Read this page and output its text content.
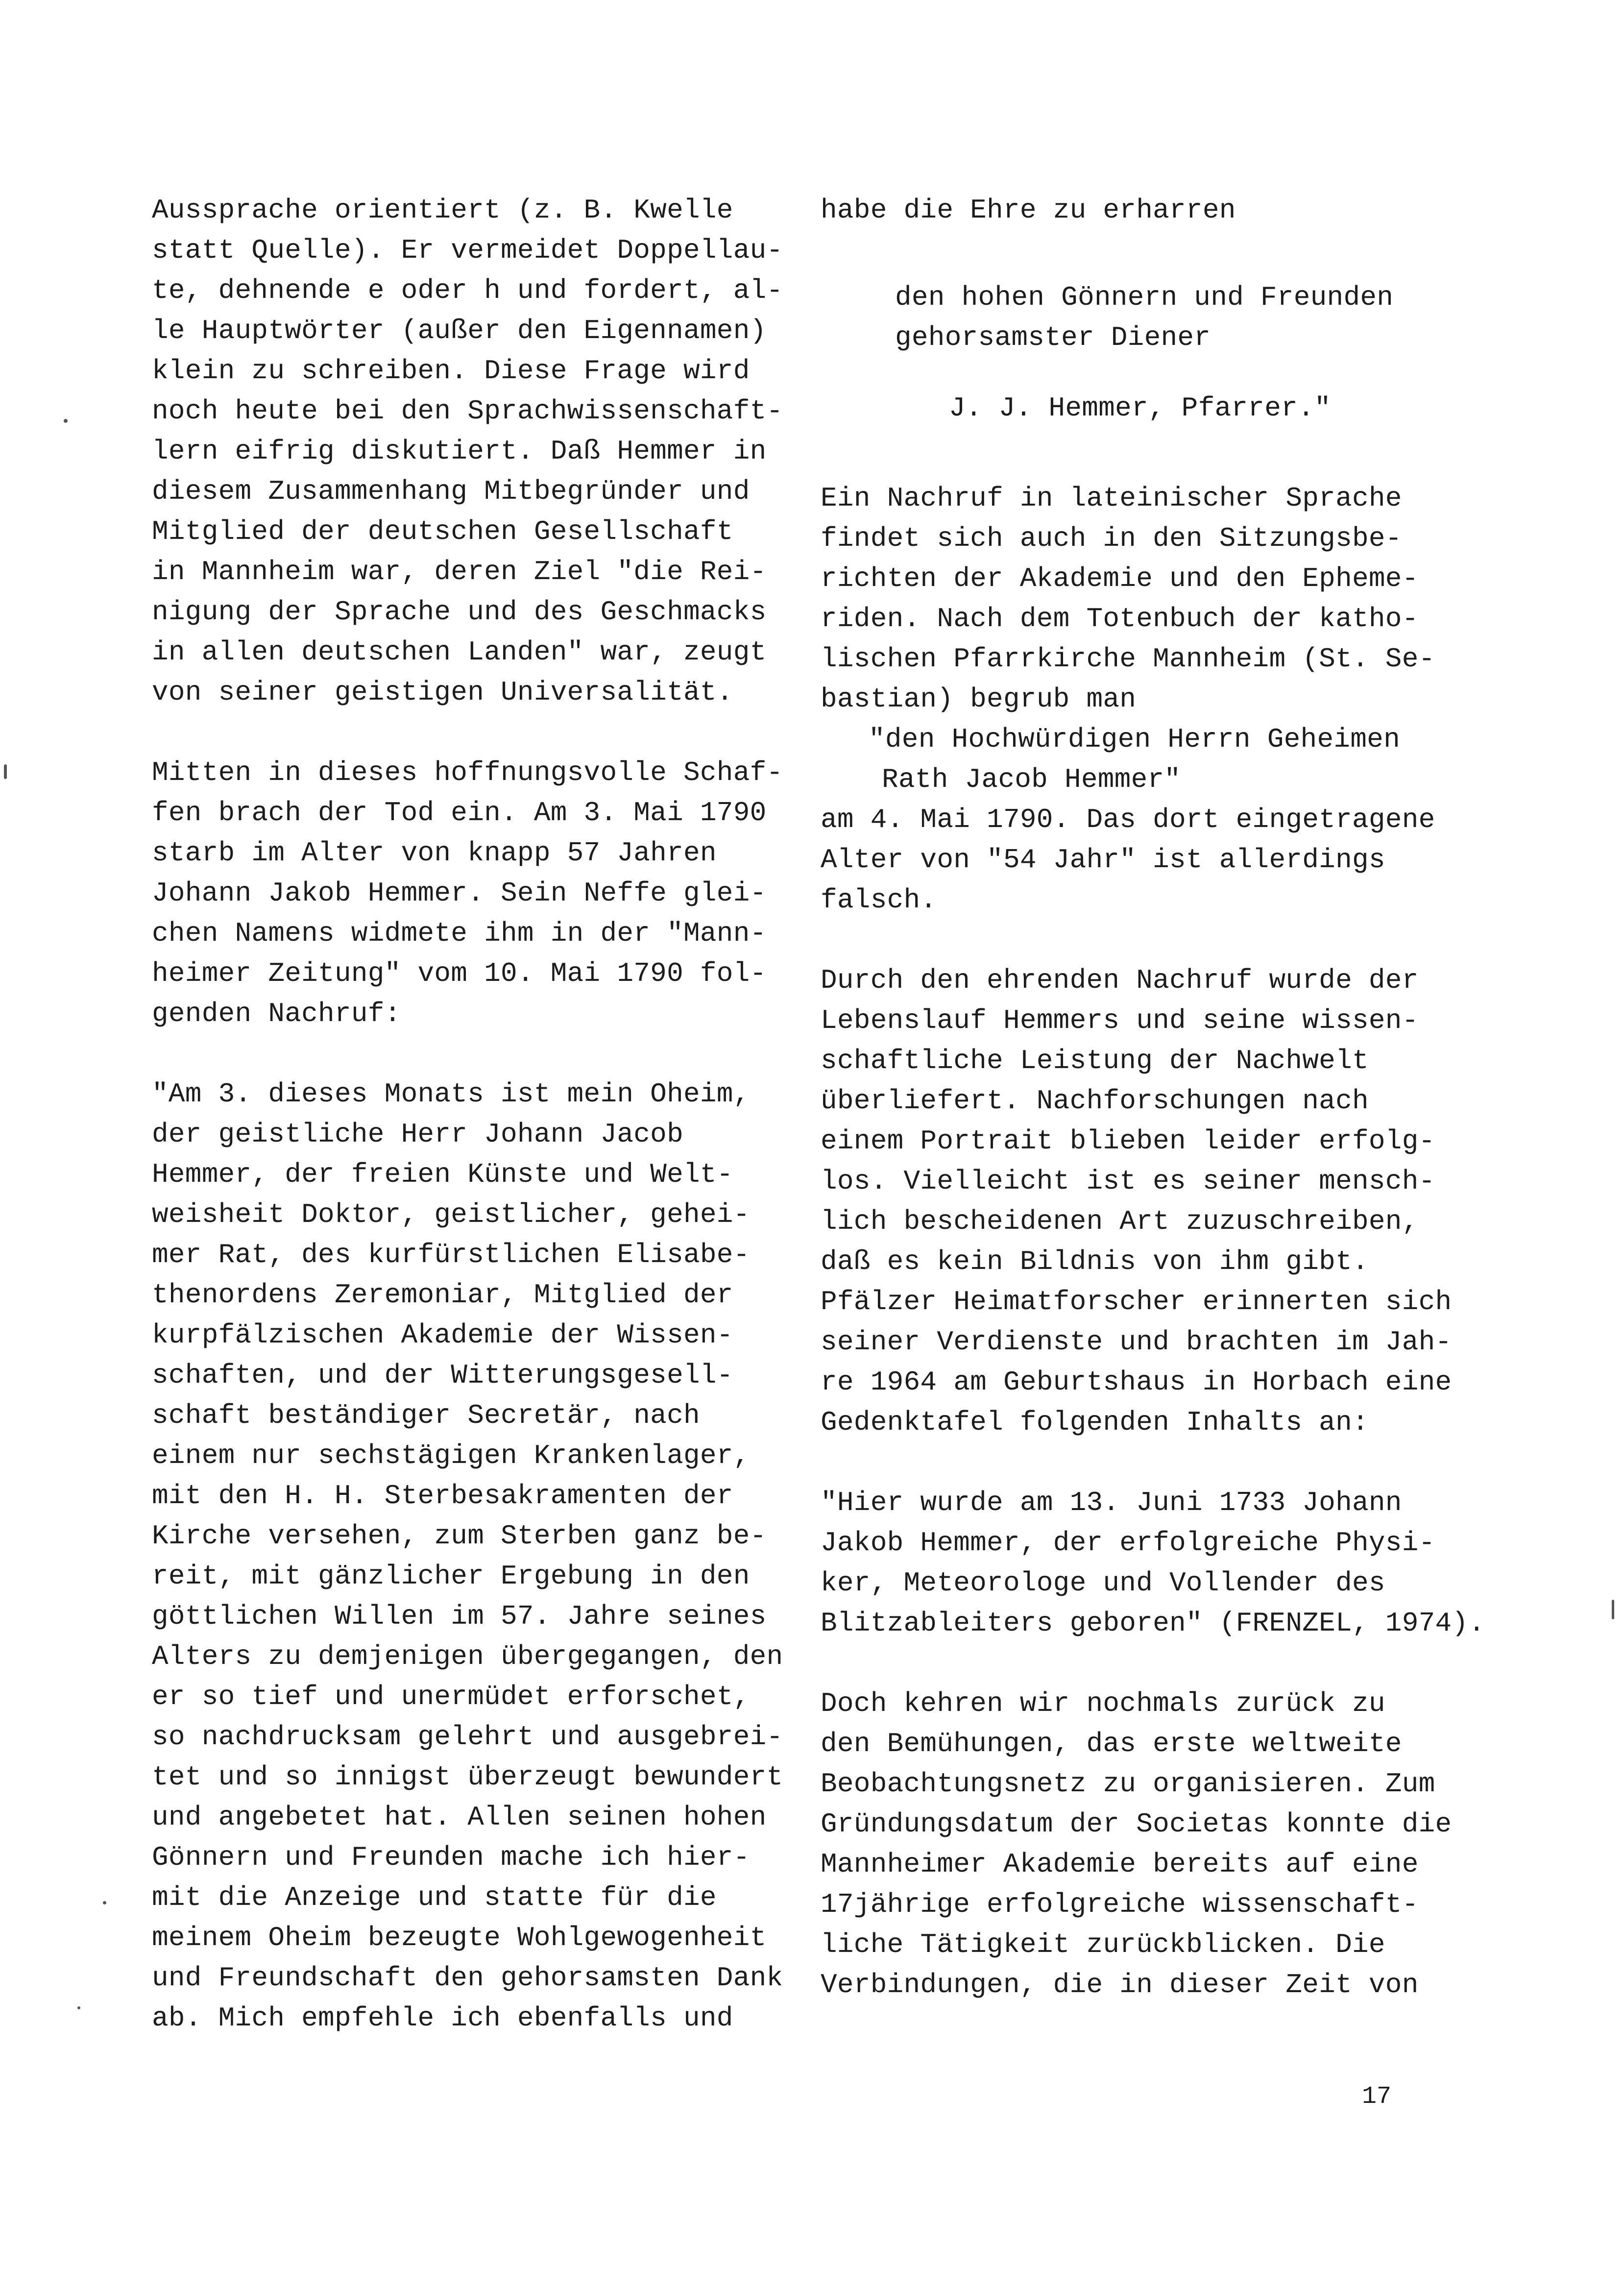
Aussprache orientiert (z. B. Kwelle
statt Quelle). Er vermeidet Doppellau-
te, dehnende e oder h und fordert, al-
le Hauptwörter (außer den Eigennamen)
klein zu schreiben. Diese Frage wird
noch heute bei den Sprachwissenschaft-
lern eifrig diskutiert. Daß Hemmer in
diesem Zusammenhang Mitbegründer und
Mitglied der deutschen Gesellschaft
in Mannheim war, deren Ziel "die Rei-
nigung der Sprache und des Geschmacks
in allen deutschen Landen" war, zeugt
von seiner geistigen Universalität.
Mitten in dieses hoffnungsvolle Schaf-
fen brach der Tod ein. Am 3. Mai 1790
starb im Alter von knapp 57 Jahren
Johann Jakob Hemmer. Sein Neffe glei-
chen Namens widmete ihm in der "Mann-
heimer Zeitung" vom 10. Mai 1790 fol-
genden Nachruf:
"Am 3. dieses Monats ist mein Oheim,
der geistliche Herr Johann Jacob
Hemmer, der freien Künste und Welt-
weisheit Doktor, geistlicher, gehei-
mer Rat, des kurfürstlichen Elisabe-
thenordens Zeremoniar, Mitglied der
kurpfälzischen Akademie der Wissen-
schaften, und der Witterungsgesell-
schaft beständiger Secretär, nach
einem nur sechstägigen Krankenlager,
mit den H. H. Sterbesakramenten der
Kirche versehen, zum Sterben ganz be-
reit, mit gänzlicher Ergebung in den
göttlichen Willen im 57. Jahre seines
Alters zu demjenigen übergegangen, den
er so tief und unermüdet erforschet,
so nachdrucksam gelehrt und ausgebrei-
tet und so innigst überzeugt bewundert
und angebetet hat. Allen seinen hohen
Gönnern und Freunden mache ich hier-
mit die Anzeige und statte für die
meinem Oheim bezeugte Wohlgewogenheit
und Freundschaft den gehorsamsten Dank
ab. Mich empfehle ich ebenfalls und
habe die Ehre zu erharren
den hohen Gönnern und Freunden
gehorsamster Diener
J. J. Hemmer, Pfarrer."
Ein Nachruf in lateinischer Sprache
findet sich auch in den Sitzungsbe-
richten der Akademie und den Epheme-
riden. Nach dem Totenbuch der katho-
lischen Pfarrkirche Mannheim (St. Se-
bastian) begrub man
"den Hochwürdigen Herrn Geheimen
Rath Jacob Hemmer"
am 4. Mai 1790. Das dort eingetragene
Alter von "54 Jahr" ist allerdings
falsch.
Durch den ehrenden Nachruf wurde der
Lebenslauf Hemmers und seine wissen-
schaftliche Leistung der Nachwelt
überliefert. Nachforschungen nach
einem Portrait blieben leider erfolg-
los. Vielleicht ist es seiner mensch-
lich bescheidenen Art zuzuschreiben,
daß es kein Bildnis von ihm gibt.
Pfälzer Heimatforscher erinnerten sich
seiner Verdienste und brachten im Jah-
re 1964 am Geburtshaus in Horbach eine
Gedenktafel folgenden Inhalts an:
"Hier wurde am 13. Juni 1733 Johann
Jakob Hemmer, der erfolgreiche Physi-
ker, Meteorologe und Vollender des
Blitzableiters geboren" (FRENZEL, 1974).
Doch kehren wir nochmals zurück zu
den Bemühungen, das erste weltweite
Beobachtungsnetz zu organisieren. Zum
Gründungsdatum der Societas konnte die
Mannheimer Akademie bereits auf eine
17jährige erfolgreiche wissenschaft-
liche Tätigkeit zurückblicken. Die
Verbindungen, die in dieser Zeit von
17
